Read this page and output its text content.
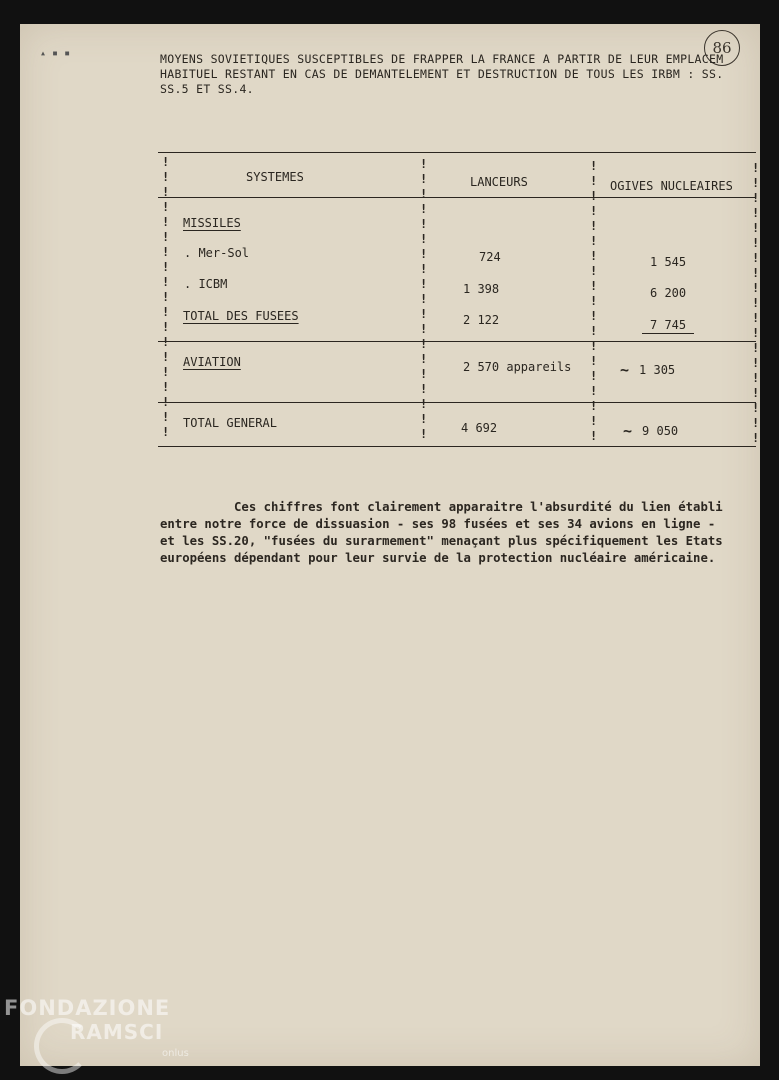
86
MOYENS SOVIETIQUES SUSCEPTIBLES DE FRAPPER LA FRANCE A PARTIR DE LEUR EMPLACEM
HABITUEL RESTANT EN CAS DE DEMANTELEMENT ET DESTRUCTION DE TOUS LES IRBM : SS.
SS.5 ET SS.4.
SYSTEMES	LANCEURS	OGIVES NUCLEAIRES
MISSILES
. Mer-Sol	724	1 545
. ICBM	1 398	6 200
TOTAL DES FUSEES	2 122	7 745
AVIATION	2 570 appareils	~ 1 305
TOTAL GENERAL	4 692	~ 9 050
!
!
!
!
!
!
!
!
!
!
!
!
!
!
!
!
!
!
!
!
!
!
!
!
!
!
!
!
!
!
!
!
!
!
!
!
!
!
!
!
!
!
!
!
!
!
!
!
!
!
!
!
!
!
!
!
!
!
!
!
!
!
!
!
!
!
!
!
!
!
!
!
!
!
!
!
Ces chiffres font clairement apparaitre l'absurdité du lien établi
entre notre force de dissuasion - ses 98 fusées et ses 34 avions en ligne -
et les SS.20, "fusées du surarmement" menaçant plus spécifiquement les Etats
européens dépendant pour leur survie de la protection nucléaire américaine.
▴ ▪ ▪
FONDAZIONE
RAMSCI
onlus
